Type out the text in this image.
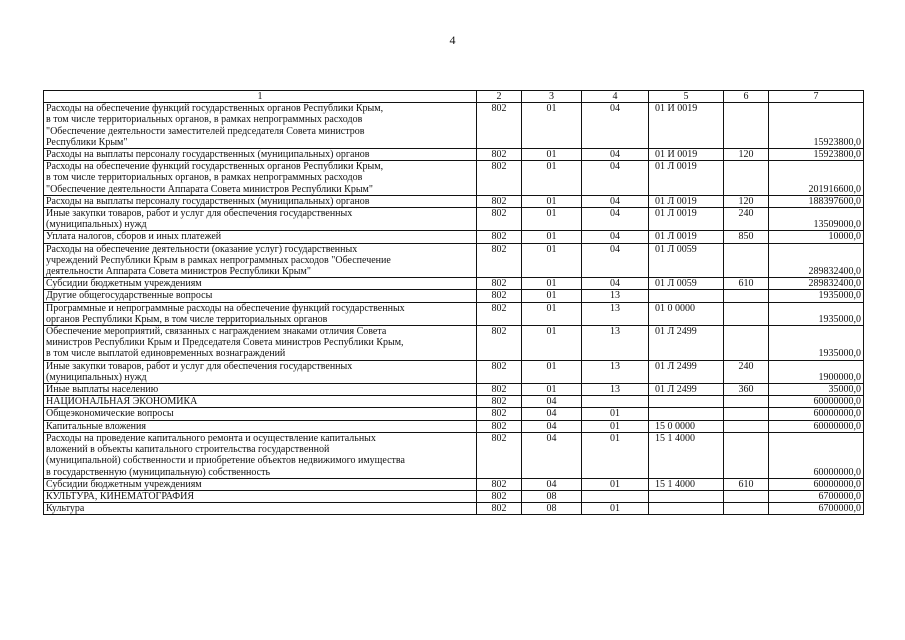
4
1	2	3	4	5	6	7
Расходы на обеспечение функций государственных органов Республики Крым,
в том числе территориальных органов, в рамках непрограммных расходов
"Обеспечение деятельности заместителей председателя Совета министров
Республики Крым"	802	01	04	01 И 0019		15923800,0
Расходы на выплаты персоналу государственных (муниципальных) органов	802	01	04	01 И 0019	120	15923800,0
Расходы на обеспечение функций государственных органов Республики Крым,
в том числе территориальных органов, в рамках непрограммных расходов
"Обеспечение деятельности Аппарата Совета министров Республики Крым"	802	01	04	01 Л 0019		201916600,0
Расходы на выплаты персоналу государственных (муниципальных) органов	802	01	04	01 Л 0019	120	188397600,0
Иные закупки товаров, работ и услуг для обеспечения государственных
(муниципальных) нужд	802	01	04	01 Л 0019	240	13509000,0
Уплата налогов, сборов и иных платежей	802	01	04	01 Л 0019	850	10000,0
Расходы на обеспечение деятельности (оказание услуг) государственных
учреждений Республики Крым в рамках непрограммных расходов "Обеспечение
деятельности Аппарата Совета министров Республики Крым"	802	01	04	01 Л 0059		289832400,0
Субсидии бюджетным учреждениям	802	01	04	01 Л 0059	610	289832400,0
Другие общегосударственные вопросы	802	01	13			1935000,0
Программные и непрограммные расходы на обеспечение функций государственных
органов Республики Крым, в том числе территориальных органов	802	01	13	01 0 0000		1935000,0
Обеспечение мероприятий, связанных с награждением знаками отличия Совета
министров Республики Крым и Председателя Совета министров Республики Крым,
в том числе выплатой единовременных вознаграждений	802	01	13	01 Л 2499		1935000,0
Иные закупки товаров, работ и услуг для обеспечения государственных
(муниципальных) нужд	802	01	13	01 Л 2499	240	1900000,0
Иные выплаты населению	802	01	13	01 Л 2499	360	35000,0
НАЦИОНАЛЬНАЯ ЭКОНОМИКА	802	04				60000000,0
Общеэкономические вопросы	802	04	01			60000000,0
Капитальные вложения	802	04	01	15 0 0000		60000000,0
Расходы на проведение капитального ремонта и осуществление капитальных
вложений в объекты капитального строительства государственной
(муниципальной) собственности и приобретение объектов недвижимого имущества
в государственную (муниципальную) собственность	802	04	01	15 1 4000		60000000,0
Субсидии бюджетным учреждениям	802	04	01	15 1 4000	610	60000000,0
КУЛЬТУРА, КИНЕМАТОГРАФИЯ	802	08				6700000,0
Культура	802	08	01			6700000,0
